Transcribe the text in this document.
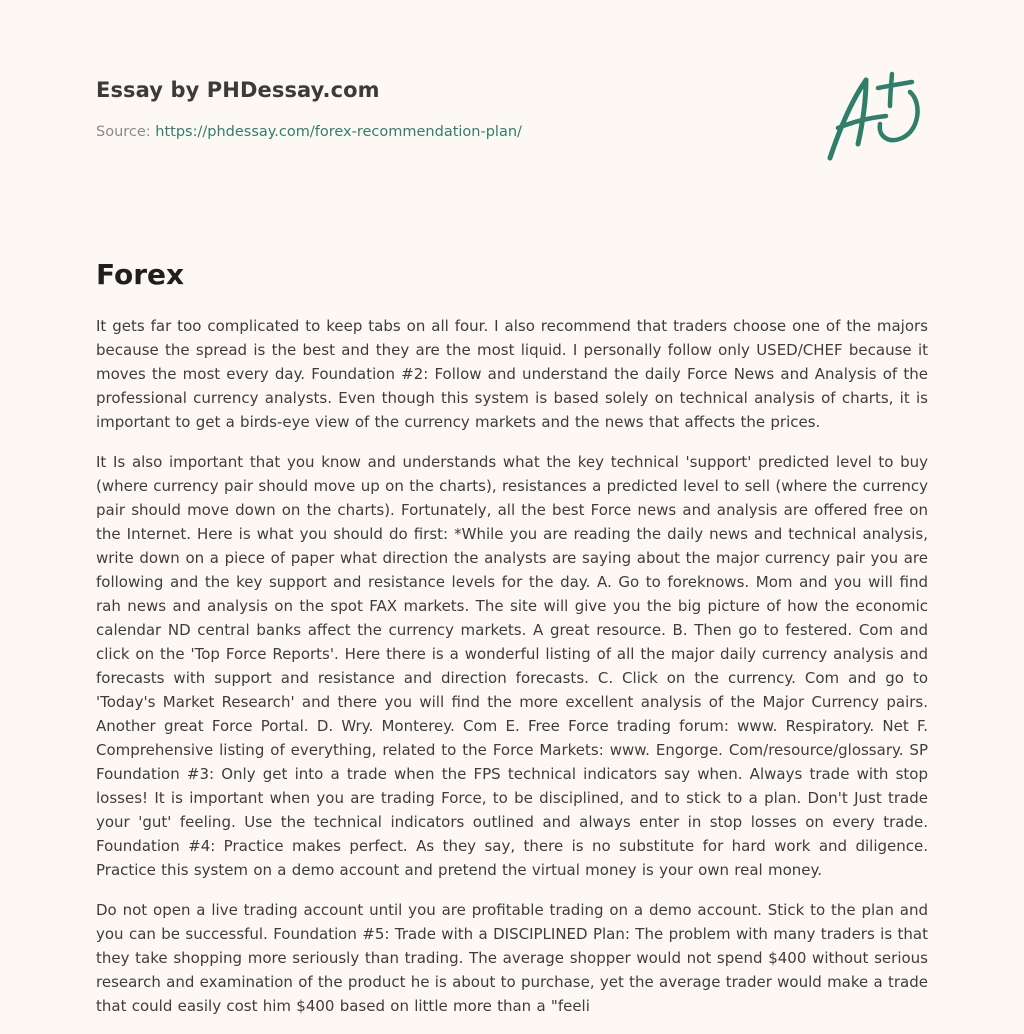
Essay by PHDessay.com
Source: https://phdessay.com/forex-recommendation-plan/
Forex

It gets far too complicated to keep tabs on all four. I also recommend that traders choose one of the majors because the spread is the best and they are the most liquid. I personally follow only USED/CHEF because it moves the most every day. Foundation #2: Follow and understand the daily Force News and Analysis of the professional currency analysts. Even though this system is based solely on technical analysis of charts, it is important to get a birds-eye view of the currency markets and the news that affects the prices.

It Is also important that you know and understands what the key technical 'support' predicted level to buy (where currency pair should move up on the charts), resistances a predicted level to sell (where the currency pair should move down on the charts). Fortunately, all the best Force news and analysis are offered free on the Internet. Here is what you should do first: *While you are reading the daily news and technical analysis, write down on a piece of paper what direction the analysts are saying about the major currency pair you are following and the key support and resistance levels for the day. A. Go to foreknows. Mom and you will find rah news and analysis on the spot FAX markets. The site will give you the big picture of how the economic calendar ND central banks affect the currency markets. A great resource. B. Then go to festered. Com and click on the 'Top Force Reports'. Here there is a wonderful listing of all the major daily currency analysis and forecasts with support and resistance and direction forecasts. C. Click on the currency. Com and go to 'Today's Market Research' and there you will find the more excellent analysis of the Major Currency pairs. Another great Force Portal. D. Wry. Monterey. Com E. Free Force trading forum: www. Respiratory. Net F. Comprehensive listing of everything, related to the Force Markets: www. Engorge. Com/resource/glossary. SP Foundation #3: Only get into a trade when the FPS technical indicators say when. Always trade with stop losses! It is important when you are trading Force, to be disciplined, and to stick to a plan. Don't Just trade your 'gut' feeling. Use the technical indicators outlined and always enter in stop losses on every trade. Foundation #4: Practice makes perfect. As they say, there is no substitute for hard work and diligence. Practice this system on a demo account and pretend the virtual money is your own real money.

Do not open a live trading account until you are profitable trading on a demo account. Stick to the plan and you can be successful. Foundation #5: Trade with a DISCIPLINED Plan: The problem with many traders is that they take shopping more seriously than trading. The average shopper would not spend $400 without serious research and examination of the product he is about to purchase, yet the average trader would make a trade that could easily cost him $400 based on little more than a "feeli
